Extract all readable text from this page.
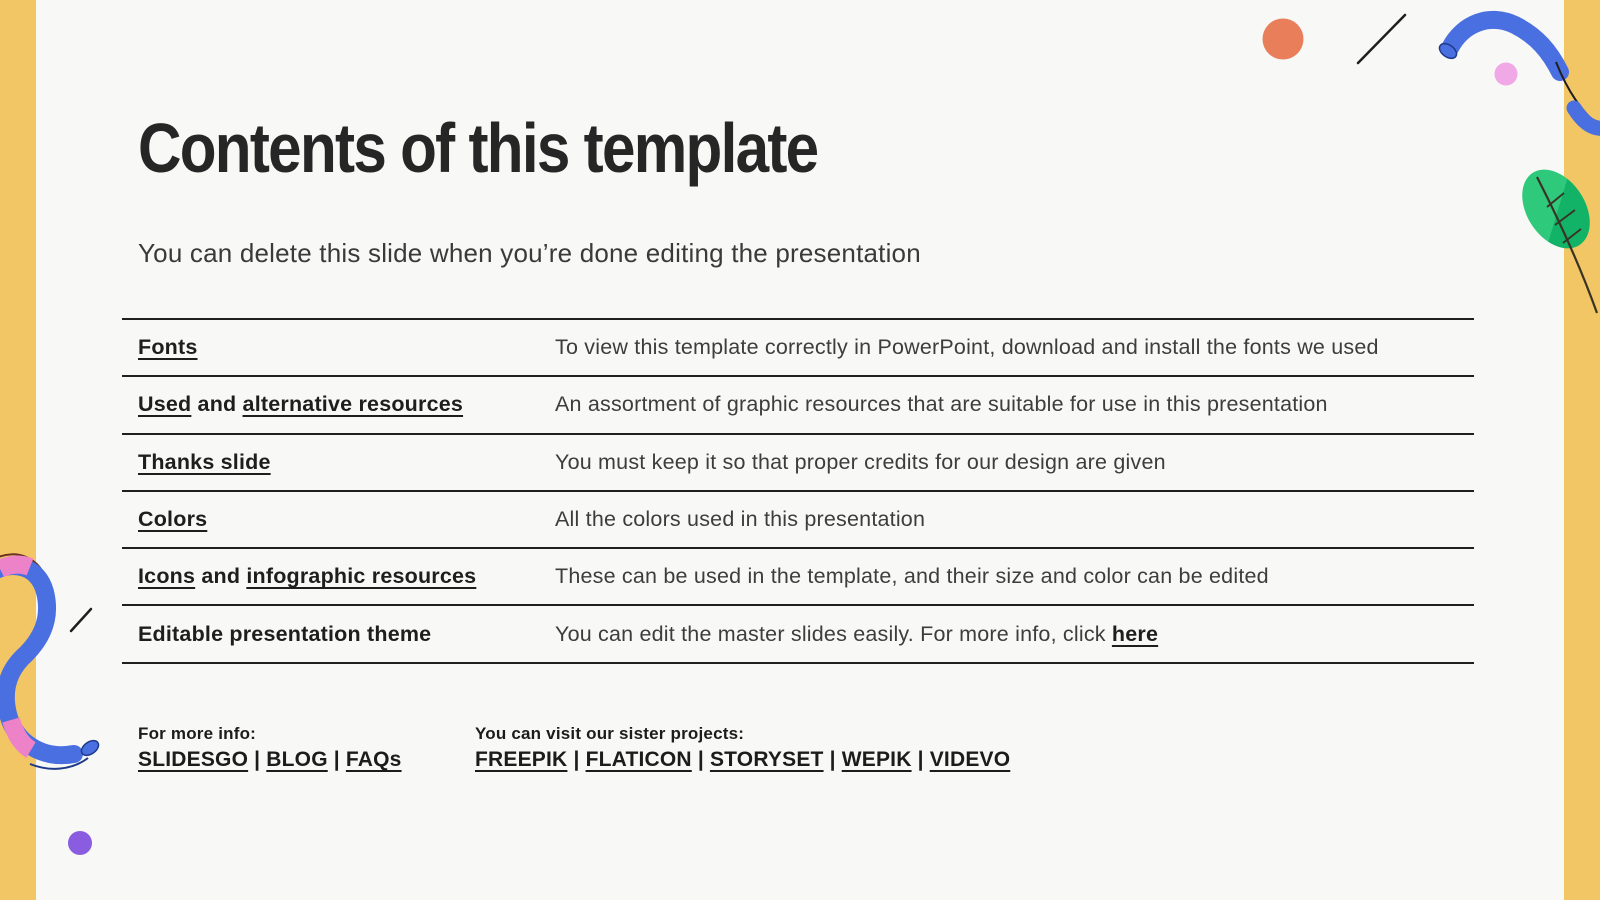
Contents of this template

You can delete this slide when you’re done editing the presentation

Fonts	To view this template correctly in PowerPoint, download and install the fonts we used
Used and alternative resources	An assortment of graphic resources that are suitable for use in this presentation
Thanks slide	You must keep it so that proper credits for our design are given
Colors	All the colors used in this presentation
Icons and infographic resources	These can be used in the template, and their size and color can be edited
Editable presentation theme	You can edit the master slides easily. For more info, click here

For more info:

SLIDESGO | BLOG | FAQs

You can visit our sister projects:

FREEPIK | FLATICON | STORYSET | WEPIK | VIDEVO
